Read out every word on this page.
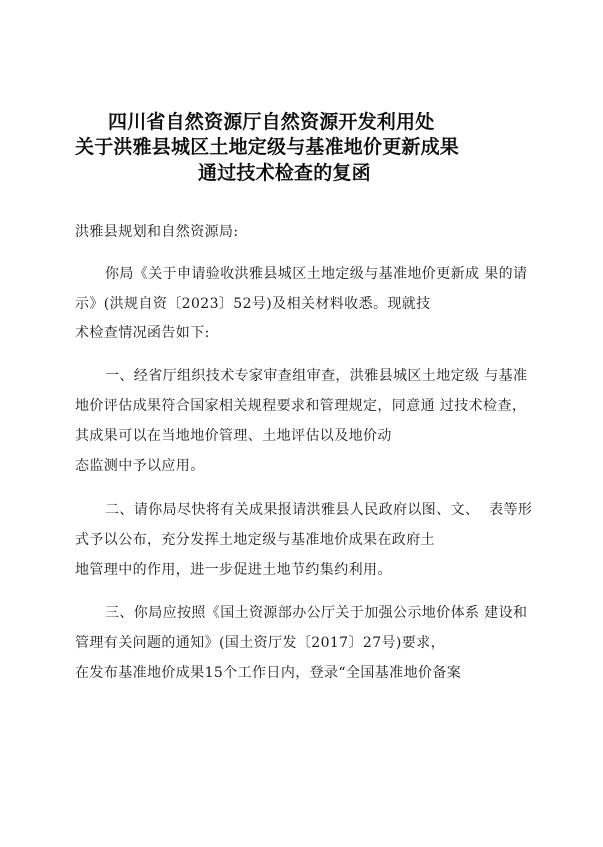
四川省自然资源厅自然资源开发利用处
关于洪雅县城区土地定级与基准地价更新成果
通过技术检查的复函
洪雅县规划和自然资源局:
你局《关于申请验收洪雅县城区土地定级与基准地价更新成 果的请
示》(洪规自资〔2023〕52号)及相关材料收悉。现就技
术检查情况函告如下:
一、经省厅组织技术专家审查组审查，洪雅县城区土地定级 与基准
地价评估成果符合国家相关规程要求和管理规定，同意通 过技术检查，
其成果可以在当地地价管理、土地评估以及地价动
态监测中予以应用。
二、请你局尽快将有关成果报请洪雅县人民政府以图、文、  表等形
式予以公布，充分发挥土地定级与基准地价成果在政府土
地管理中的作用，进一步促进土地节约集约利用。
三、你局应按照《国土资源部办公厅关于加强公示地价体系 建设和
管理有关问题的通知》(国土资厅发〔2017〕27号)要求，
在发布基准地价成果15个工作日内，登录“全国基准地价备案
